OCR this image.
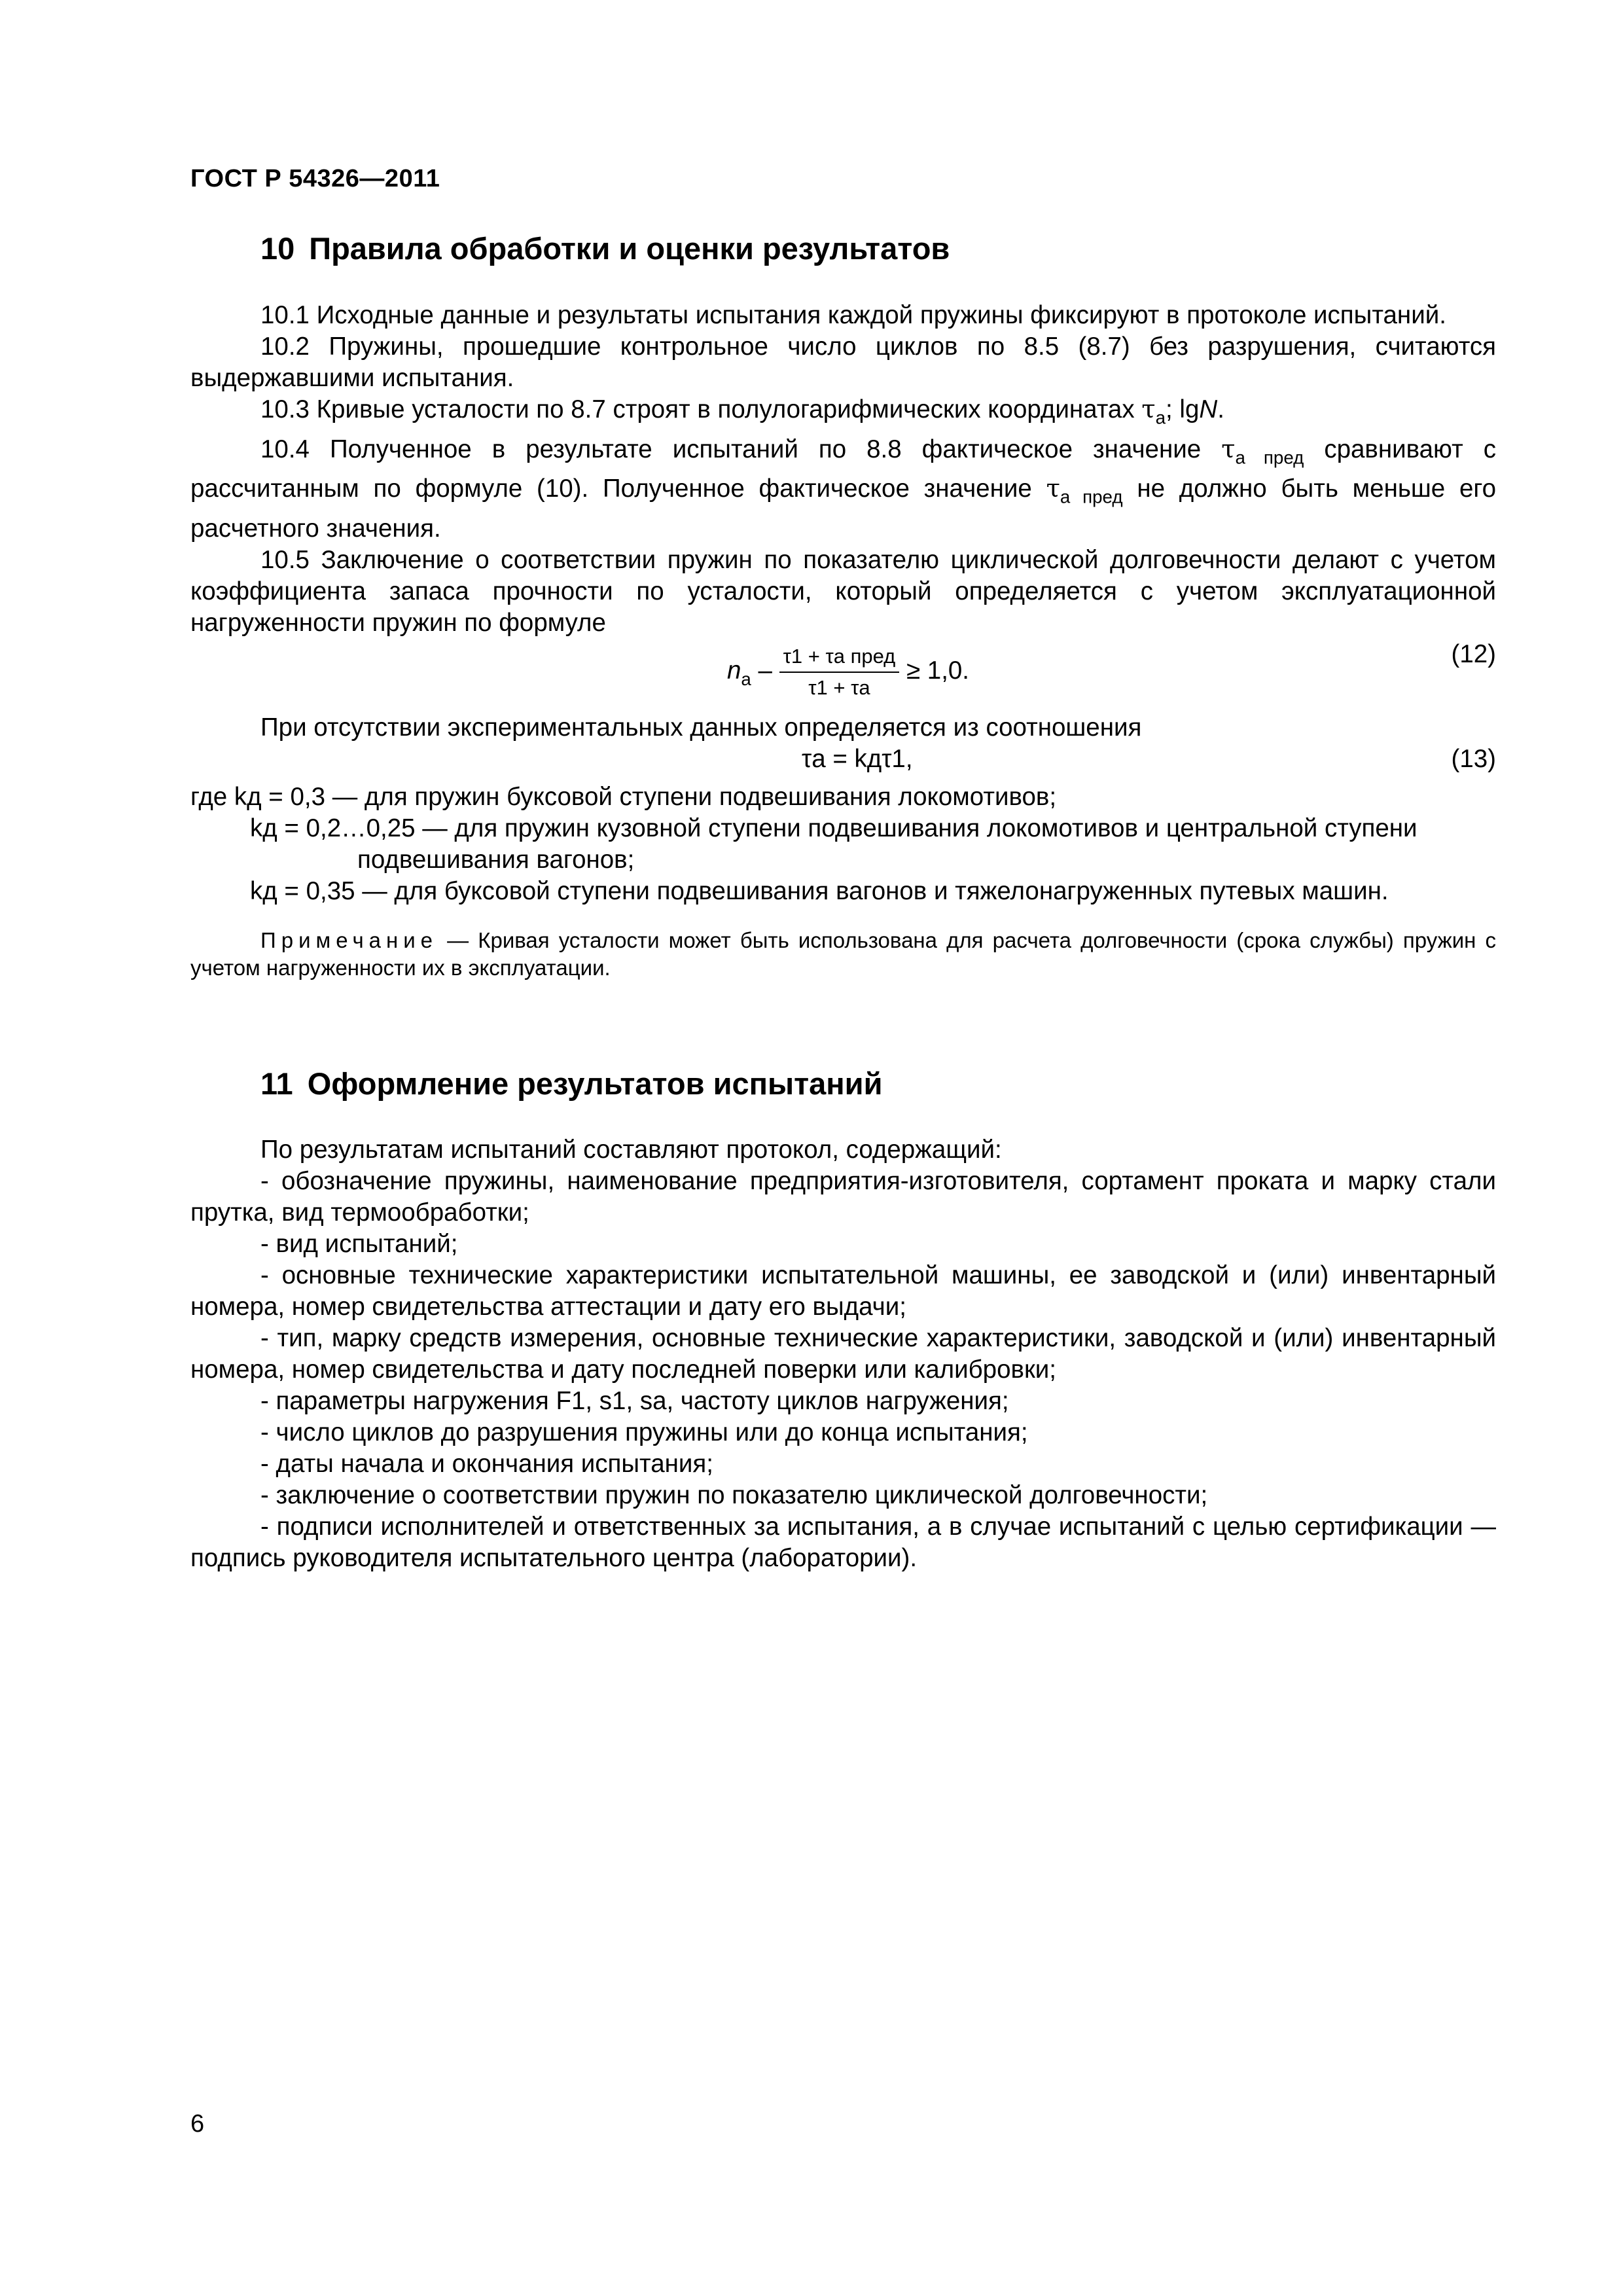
ГОСТ Р 54326—2011
10 Правила обработки и оценки результатов

10.1 Исходные данные и результаты испытания каждой пружины фиксируют в протоколе испытаний.

10.2 Пружины, прошедшие контрольное число циклов по 8.5 (8.7) без разрушения, считаются выдержавшими испытания.

10.3 Кривые усталости по 8.7 строят в полулогарифмических координатах $\tau_a$; lgN.

10.4 Полученное в результате испытаний по 8.8 фактическое значение $\tau_{а пред}$ сравнивают с рассчитанным по формуле (10). Полученное фактическое значение $\tau_{а пред}$ не должно быть меньше его расчетного значения.

10.5 Заключение о соответствии пружин по показателю циклической долговечности делают с учетом коэффициента запаса прочности по усталости, который определяется с учетом эксплуатационной нагруженности пружин по формуле

$n_a - \frac{\text{τ1 + τa пред}}{\tau 1 + \tau a} \ge 1,0$.
(12)

При отсутствии экспериментальных данных определяется из соотношения

τa = kдτ1,	(13)

где kд = 0,3 — для пружин буксовой ступени подвешивания локомотивов;

kд = 0,2…0,25 — для пружин кузовной ступени подвешивания локомотивов и центральной ступени
подвешивания вагонов;

kд = 0,35 — для буксовой ступени подвешивания вагонов и тяжелонагруженных путевых машин.

Примечание — Кривая усталости может быть использована для расчета долговечности (срока службы) пружин с учетом нагруженности их в эксплуатации.

11 Оформление результатов испытаний

По результатам испытаний составляют протокол, содержащий:

- обозначение пружины, наименование предприятия-изготовителя, сортамент проката и марку стали прутка, вид термообработки;

- вид испытаний;

- основные технические характеристики испытательной машины, ее заводской и (или) инвентарный номера, номер свидетельства аттестации и дату его выдачи;

- тип, марку средств измерения, основные технические характеристики, заводской и (или) инвентарный номера, номер свидетельства и дату последней поверки или калибровки;

- параметры нагружения F1, s1, sa, частоту циклов нагружения;

- число циклов до разрушения пружины или до конца испытания;

- даты начала и окончания испытания;

- заключение о соответствии пружин по показателю циклической долговечности;

- подписи исполнителей и ответственных за испытания, а в случае испытаний с целью сертификации — подпись руководителя испытательного центра (лаборатории).

6
